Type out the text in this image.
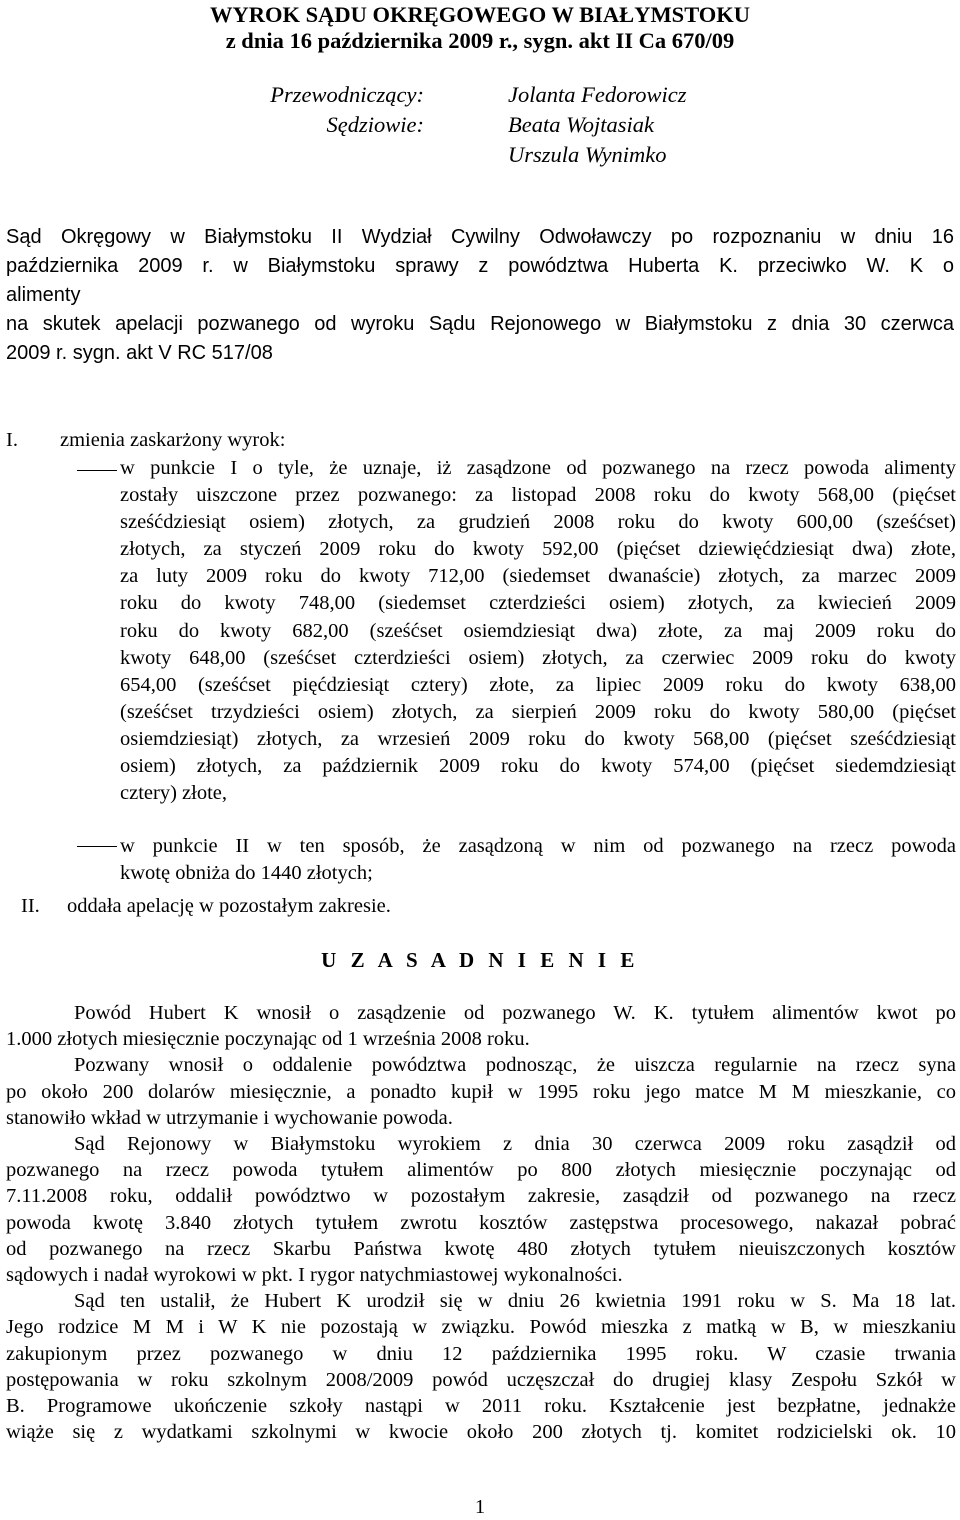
WYROK SĄDU OKRĘGOWEGO W BIAŁYMSTOKU
z dnia 16 października 2009 r., sygn. akt II Ca 670/09
Przewodniczący:	Jolanta Fedorowicz
Sędziowie:	Beata Wojtasiak
Urszula Wynimko
Sąd Okręgowy w Białymstoku II Wydział Cywilny Odwoławczy po rozpoznaniu w dniu 16
października 2009 r. w Białymstoku sprawy z powództwa Huberta K. przeciwko W. K o
alimenty
na skutek apelacji pozwanego od wyroku Sądu Rejonowego w Białymstoku z dnia 30 czerwca
2009 r. sygn. akt V RC 517/08
I. zmienia zaskarżony wyrok:
w punkcie I o tyle, że uznaje, iż zasądzone od pozwanego na rzecz powoda alimenty
zostały uiszczone przez pozwanego: za listopad 2008 roku do kwoty 568,00 (pięćset
sześćdziesiąt osiem) złotych, za grudzień 2008 roku do kwoty 600,00 (sześćset)
złotych, za styczeń 2009 roku do kwoty 592,00 (pięćset dziewięćdziesiąt dwa) złote,
za luty 2009 roku do kwoty 712,00 (siedemset dwanaście) złotych, za marzec 2009
roku do kwoty 748,00 (siedemset czterdzieści osiem) złotych, za kwiecień 2009
roku do kwoty 682,00 (sześćset osiemdziesiąt dwa) złote, za maj 2009 roku do
kwoty 648,00 (sześćset czterdzieści osiem) złotych, za czerwiec 2009 roku do kwoty
654,00 (sześćset pięćdziesiąt cztery) złote, za lipiec 2009 roku do kwoty 638,00
(sześćset trzydzieści osiem) złotych, za sierpień 2009 roku do kwoty 580,00 (pięćset
osiemdziesiąt) złotych, za wrzesień 2009 roku do kwoty 568,00 (pięćset sześćdziesiąt
osiem) złotych, za październik 2009 roku do kwoty 574,00 (pięćset siedemdziesiąt
cztery) złote,
w punkcie II w ten sposób, że zasądzoną w nim od pozwanego na rzecz powoda
kwotę obniża do 1440 złotych;
II. oddała apelację w pozostałym zakresie.
U Z A S A D N I E N I E
Powód Hubert K wnosił o zasądzenie od pozwanego W. K. tytułem alimentów kwot po
1.000 złotych miesięcznie poczynając od 1 września 2008 roku.
Pozwany wnosił o oddalenie powództwa podnosząc, że uiszcza regularnie na rzecz syna
po około 200 dolarów miesięcznie, a ponadto kupił w 1995 roku jego matce M M mieszkanie, co
stanowiło wkład w utrzymanie i wychowanie powoda.
Sąd Rejonowy w Białymstoku wyrokiem z dnia 30 czerwca 2009 roku zasądził od
pozwanego na rzecz powoda tytułem alimentów po 800 złotych miesięcznie poczynając od
7.11.2008 roku, oddalił powództwo w pozostałym zakresie, zasądził od pozwanego na rzecz
powoda kwotę 3.840 złotych tytułem zwrotu kosztów zastępstwa procesowego, nakazał pobrać
od pozwanego na rzecz Skarbu Państwa kwotę 480 złotych tytułem nieuiszczonych kosztów
sądowych i nadał wyrokowi w pkt. I rygor natychmiastowej wykonalności.
Sąd ten ustalił, że Hubert K urodził się w dniu 26 kwietnia 1991 roku w S. Ma 18 lat.
Jego rodzice M M i W K nie pozostają w związku. Powód mieszka z matką w B, w mieszkaniu
zakupionym przez pozwanego w dniu 12 października 1995 roku. W czasie trwania
postępowania w roku szkolnym 2008/2009 powód uczęszczał do drugiej klasy Zespołu Szkół w
B. Programowe ukończenie szkoły nastąpi w 2011 roku. Kształcenie jest bezpłatne, jednakże
wiąże się z wydatkami szkolnymi w kwocie około 200 złotych tj. komitet rodzicielski ok. 10
1
